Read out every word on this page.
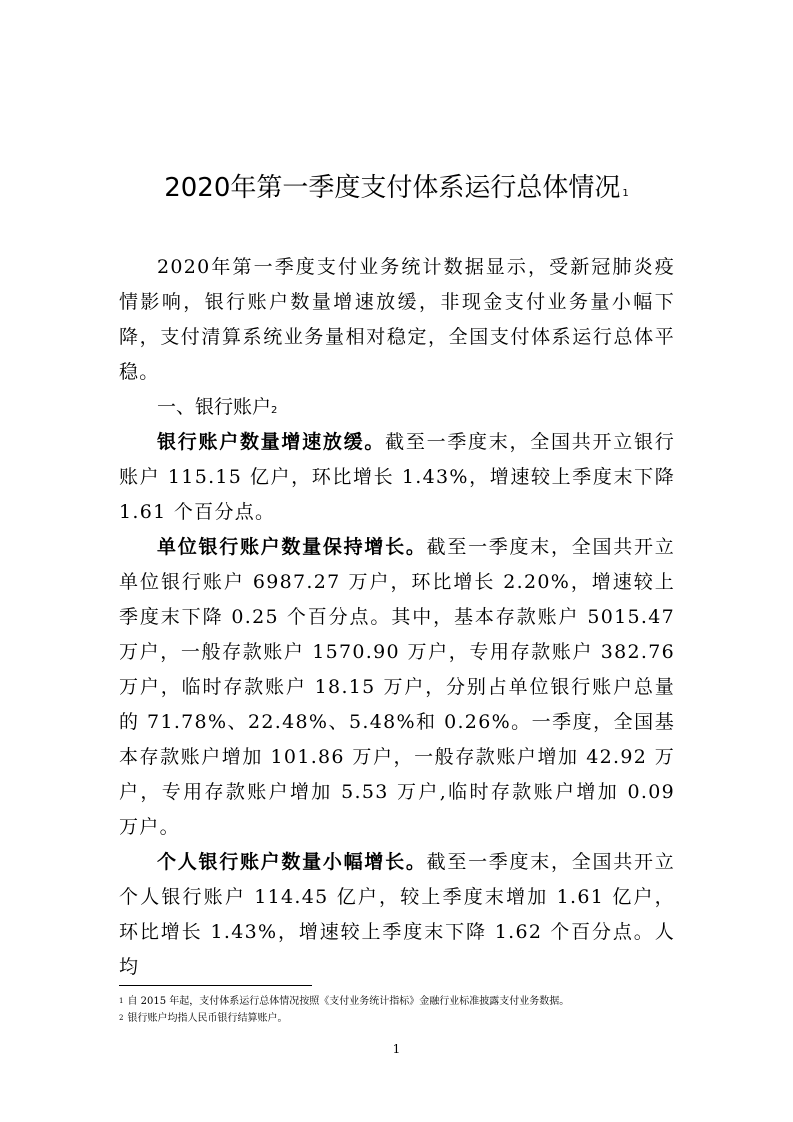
2020年第一季度支付体系运行总体情况 $^1$

2020年第一季度支付业务统计数据显示，受新冠肺炎疫情影响，银行账户数量增速放缓，非现金支付业务量小幅下降，支付清算系统业务量相对稳定，全国支付体系运行总体平稳。

一、银行账户$^2$

银行账户数量增速放缓。截至一季度末，全国共开立银行账户 115.15 亿户，环比增长 1.43%，增速较上季度末下降 1.61 个百分点。

单位银行账户数量保持增长。截至一季度末，全国共开立单位银行账户 6987.27 万户，环比增长 2.20%，增速较上季度末下降 0.25 个百分点。其中，基本存款账户 5015.47 万户，一般存款账户 1570.90 万户，专用存款账户 382.76 万户，临时存款账户 18.15 万户，分别占单位银行账户总量的 71.78%、22.48%、5.48%和 0.26%。一季度，全国基本存款账户增加 101.86 万户，一般存款账户增加 42.92 万户，专用存款账户增加 5.53 万户,临时存款账户增加 0.09 万户。

个人银行账户数量小幅增长。截至一季度末，全国共开立个人银行账户 114.45 亿户，较上季度末增加 1.61 亿户，环比增长 1.43%，增速较上季度末下降 1.62 个百分点。人均

$^1$ 自 2015 年起，支付体系运行总体情况按照《支付业务统计指标》金融行业标准披露支付业务数据。

$^2$ 银行账户均指人民币银行结算账户。

1
